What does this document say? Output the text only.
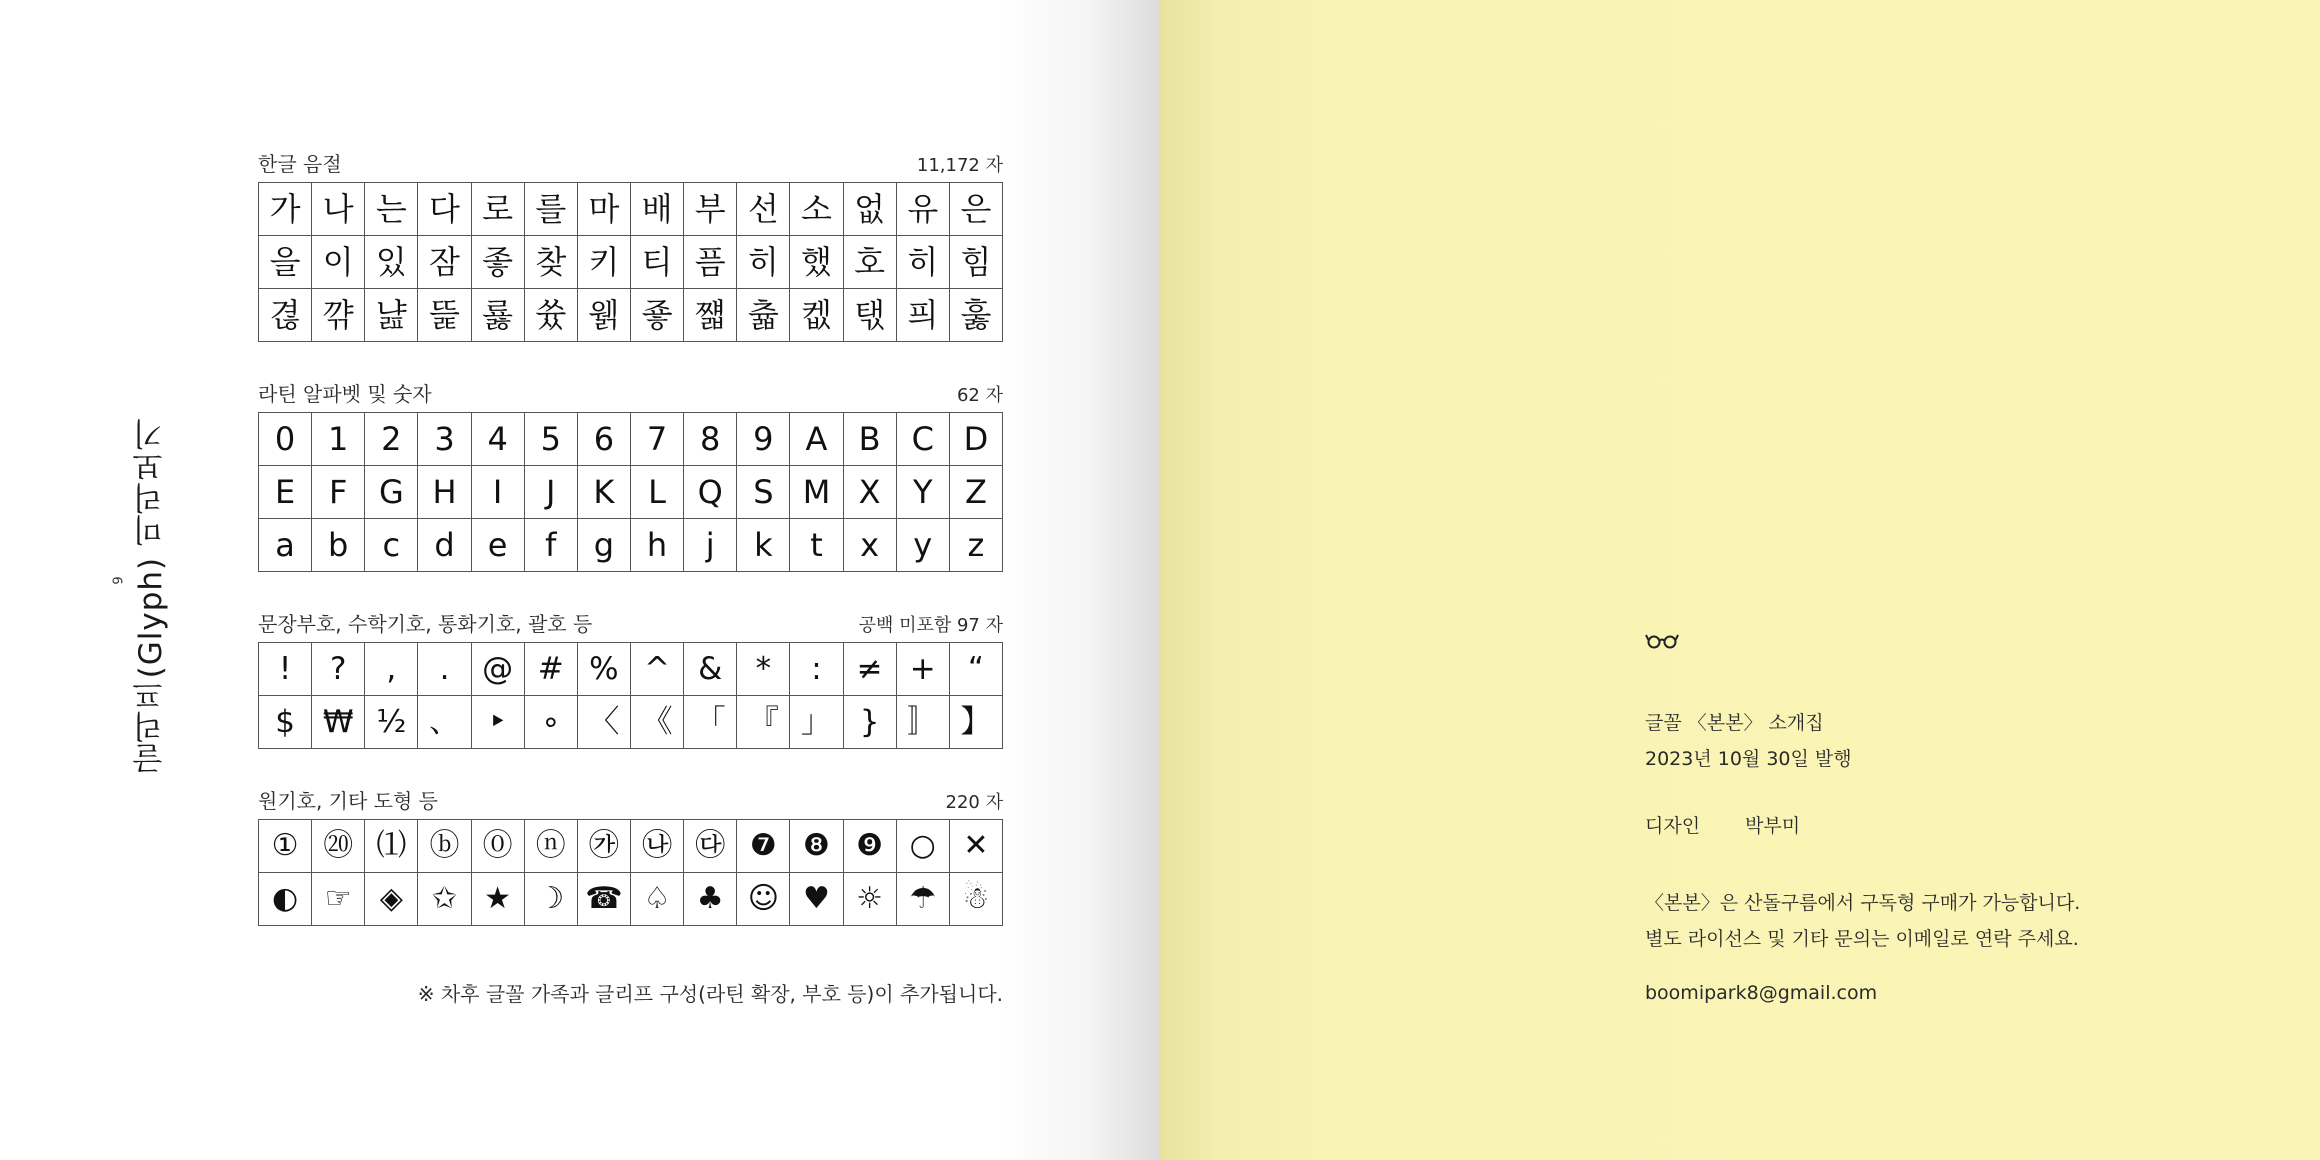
글리프(Glyph) 미리보기
9
한글 음절	11,172 자
가 나 는 다 로 를 마 배 부 선 소 없 유 은
을 이 있 잠 좋 찾 키 티 픔 히 했 호 히 힘
겮 꺆 냞 뜵 룛 쓨 웱 죻 쨻 츏 켒 탟 픠 훓
라틴 알파벳 및 숫자	62 자
0	1	2	3	4	5	6	7	8	9	A B C D
E	F G H	I	J	K	L Q S M X	Y	Z
a	b	c	d	e	f	g	h	j	k	t	x	y	z
문장부호, 수학기호, 통화기호, 괄호 등	공백 미포함 97 자
!	?	,	.	@ # % ^ &	*	:	≠ +	“
$ ₩ ½ 、 ‣	∘ 〈 《 「 『 」 } 〛 】
원기호, 기타 도형 등	220 자
① ⑳ ⑴ ⓑ ⓪ ⓝ ㉮ ㉯ ㉰ ❼ ❽ ❾ ○ ✕
◐ ☞ ◈ ✩ ★ ☽ ☎ ♤ ♣ ☺ ♥ ☼ ☂ ☃
※ 차후 글꼴 가족과 글리프 구성(라틴 확장, 부호 등)이 추가됩니다.
글꼴 〈본본〉 소개집
2023년 10월 30일 발행
디자인 박부미
〈본본〉은 산돌구름에서 구독형 구매가 가능합니다.
별도 라이선스 및 기타 문의는 이메일로 연락 주세요.
boomipark8@gmail.com
